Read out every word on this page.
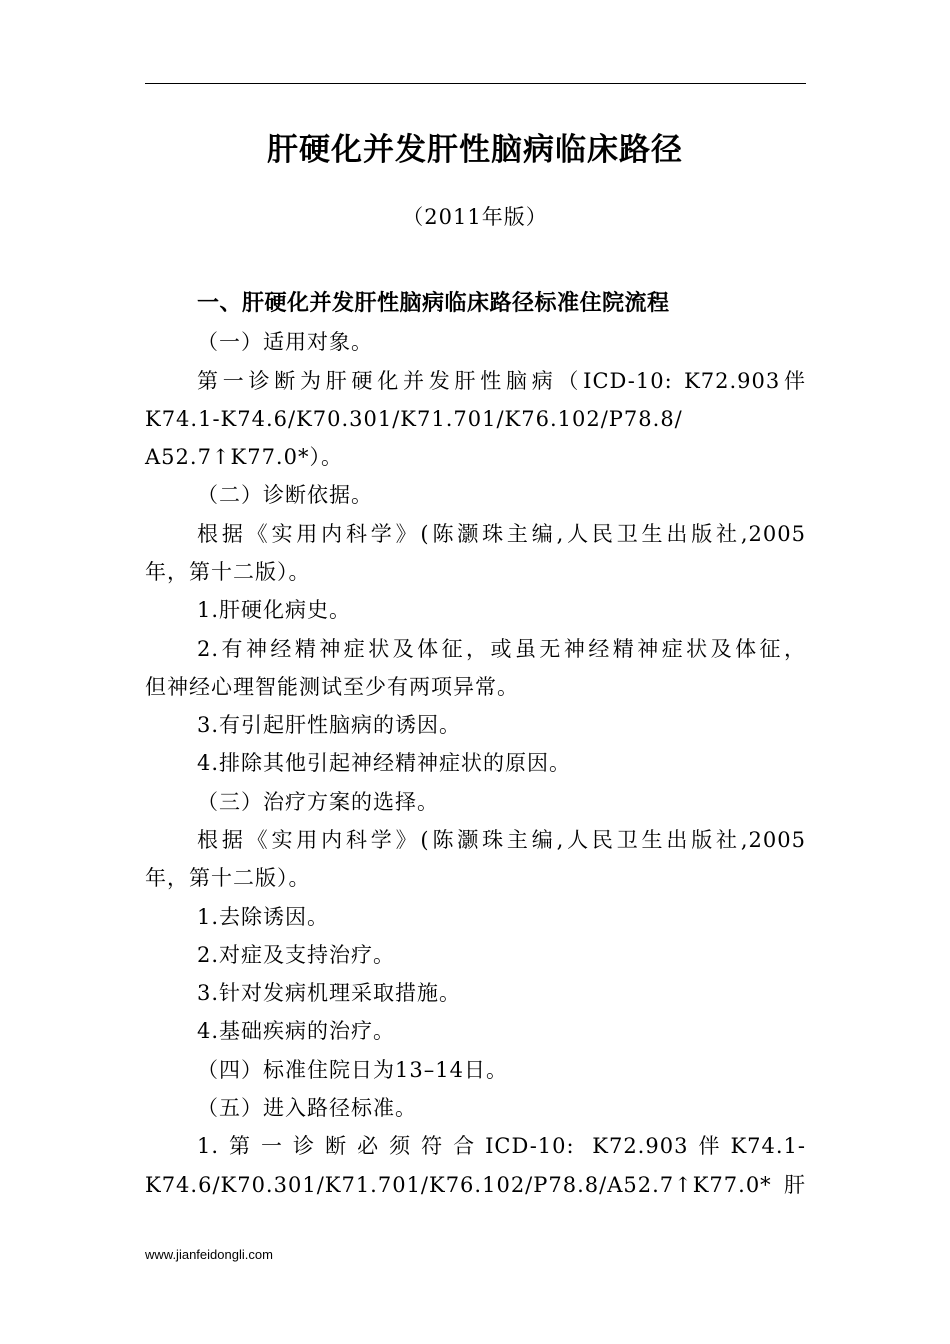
肝硬化并发肝性脑病临床路径
（2011年版）
一、肝硬化并发肝性脑病临床路径标准住院流程
（一）适用对象。
第一诊断为肝硬化并发肝性脑病（ICD-10: K72.903伴
K74.1-K74.6/K70.301/K71.701/K76.102/P78.8/
A52.7↑K77.0*）。
（二）诊断依据。
根据《实用内科学》(陈灏珠主编,人民卫生出版社,2005
年，第十二版）。
1.肝硬化病史。
2.有神经精神症状及体征，或虽无神经精神症状及体征，
但神经心理智能测试至少有两项异常。
3.有引起肝性脑病的诱因。
4.排除其他引起神经精神症状的原因。
（三）治疗方案的选择。
根据《实用内科学》(陈灏珠主编,人民卫生出版社,2005
年，第十二版）。
1.去除诱因。
2.对症及支持治疗。
3.针对发病机理采取措施。
4.基础疾病的治疗。
（四）标准住院日为13–14日。
（五）进入路径标准。
1.第一诊断必须符合ICD-10: K72.903伴K74.1-
K74.6/K70.301/K71.701/K76.102/P78.8/A52.7↑K77.0* 肝
www.jianfeidongli.com
